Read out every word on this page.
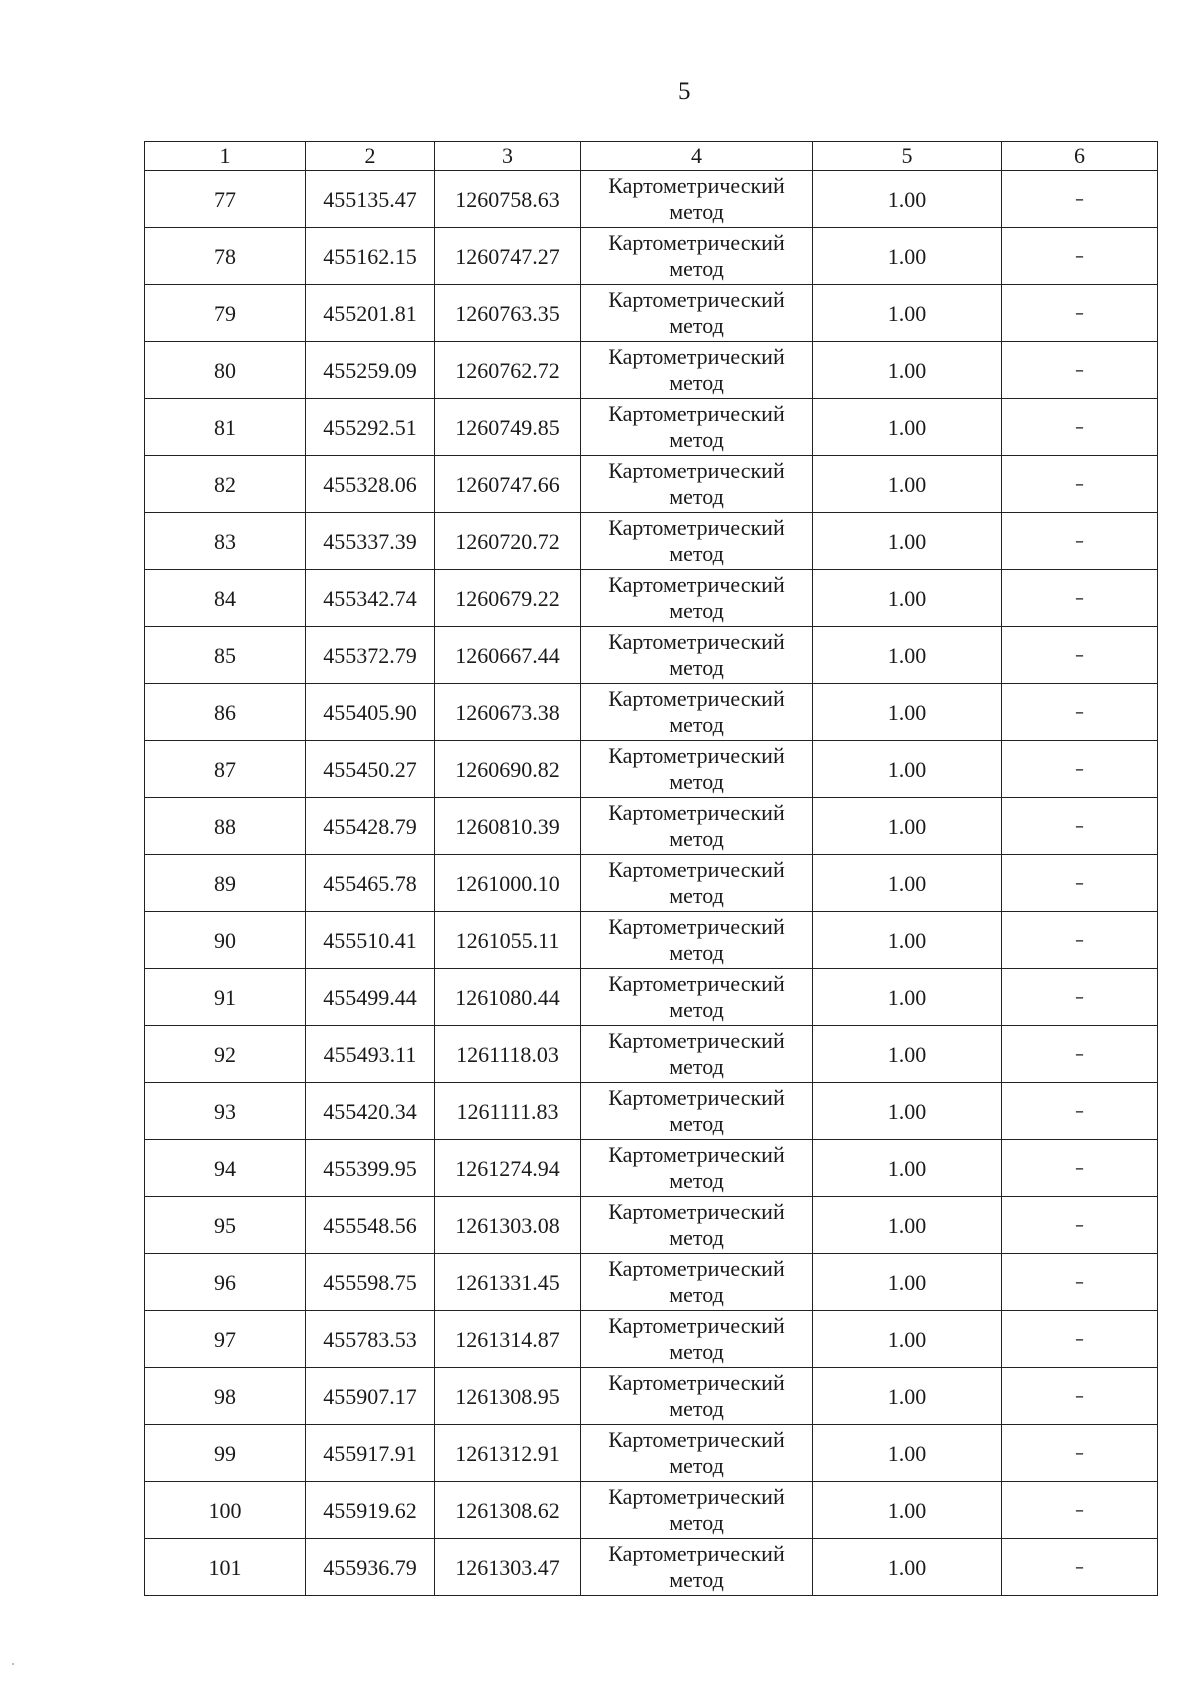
5
1	2	3	4	5	6
77	455135.47	1260758.63	Картометрический метод	1.00	–
78	455162.15	1260747.27	Картометрический метод	1.00	–
79	455201.81	1260763.35	Картометрический метод	1.00	–
80	455259.09	1260762.72	Картометрический метод	1.00	–
81	455292.51	1260749.85	Картометрический метод	1.00	–
82	455328.06	1260747.66	Картометрический метод	1.00	–
83	455337.39	1260720.72	Картометрический метод	1.00	–
84	455342.74	1260679.22	Картометрический метод	1.00	–
85	455372.79	1260667.44	Картометрический метод	1.00	–
86	455405.90	1260673.38	Картометрический метод	1.00	–
87	455450.27	1260690.82	Картометрический метод	1.00	–
88	455428.79	1260810.39	Картометрический метод	1.00	–
89	455465.78	1261000.10	Картометрический метод	1.00	–
90	455510.41	1261055.11	Картометрический метод	1.00	–
91	455499.44	1261080.44	Картометрический метод	1.00	–
92	455493.11	1261118.03	Картометрический метод	1.00	–
93	455420.34	1261111.83	Картометрический метод	1.00	–
94	455399.95	1261274.94	Картометрический метод	1.00	–
95	455548.56	1261303.08	Картометрический метод	1.00	–
96	455598.75	1261331.45	Картометрический метод	1.00	–
97	455783.53	1261314.87	Картометрический метод	1.00	–
98	455907.17	1261308.95	Картометрический метод	1.00	–
99	455917.91	1261312.91	Картометрический метод	1.00	–
100	455919.62	1261308.62	Картометрический метод	1.00	–
101	455936.79	1261303.47	Картометрический метод	1.00	–
